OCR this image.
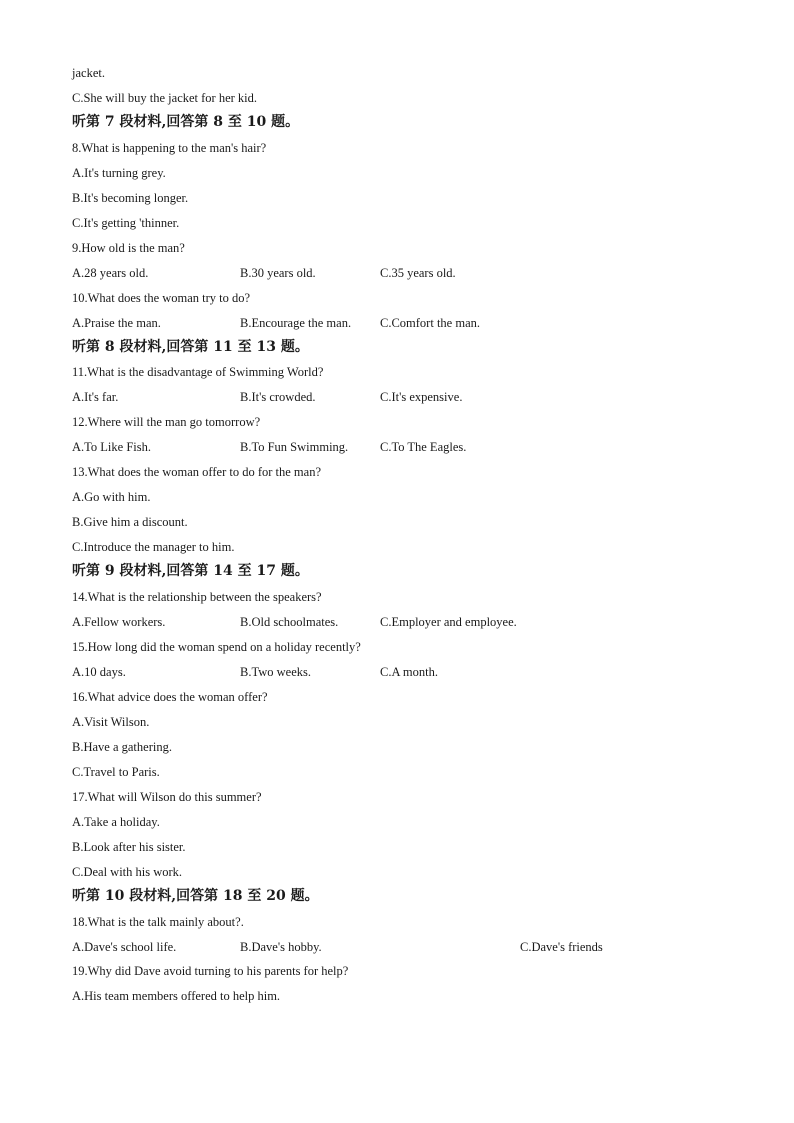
jacket.
C.She will buy the jacket for her kid.
听第 7 段材料,回答第 8 至 10 题。
8.What is happening to the man's hair?
A.It's turning grey.
B.It's becoming longer.
C.It's getting 'thinner.
9.How old is the man?
A.28 years old.	B.30 years old.	C.35 years old.
10.What does the woman try to do?
A.Praise the man.	B.Encourage the man. C.Comfort the man.
听第 8 段材料,回答第 11 至 13 题。
11.What is the disadvantage of Swimming World?
A.It's far.	B.It's crowded.	C.It's expensive.
12.Where will the man go tomorrow?
A.To Like Fish.	B.To Fun Swimming.	C.To The Eagles.
13.What does the woman offer to do for the man?
A.Go with him.
B.Give him a discount.
C.Introduce the manager to him.
听第 9 段材料,回答第 14 至 17 题。
14.What is the relationship between the speakers?
A.Fellow workers.	B.Old schoolmates.	C.Employer and employee.
15.How long did the woman spend on a holiday recently?
A.10 days.	B.Two weeks.	C.A month.
16.What advice does the woman offer?
A.Visit Wilson.
B.Have a gathering.
C.Travel to Paris.
17.What will Wilson do this summer?
A.Take a holiday.
B.Look after his sister.
C.Deal with his work.
听第 10 段材料,回答第 18 至 20 题。
18.What is the talk mainly about?.
A.Dave's school life.	B.Dave's hobby.	C.Dave's friends
19.Why did Dave avoid turning to his parents for help?
A.His team members offered to help him.
